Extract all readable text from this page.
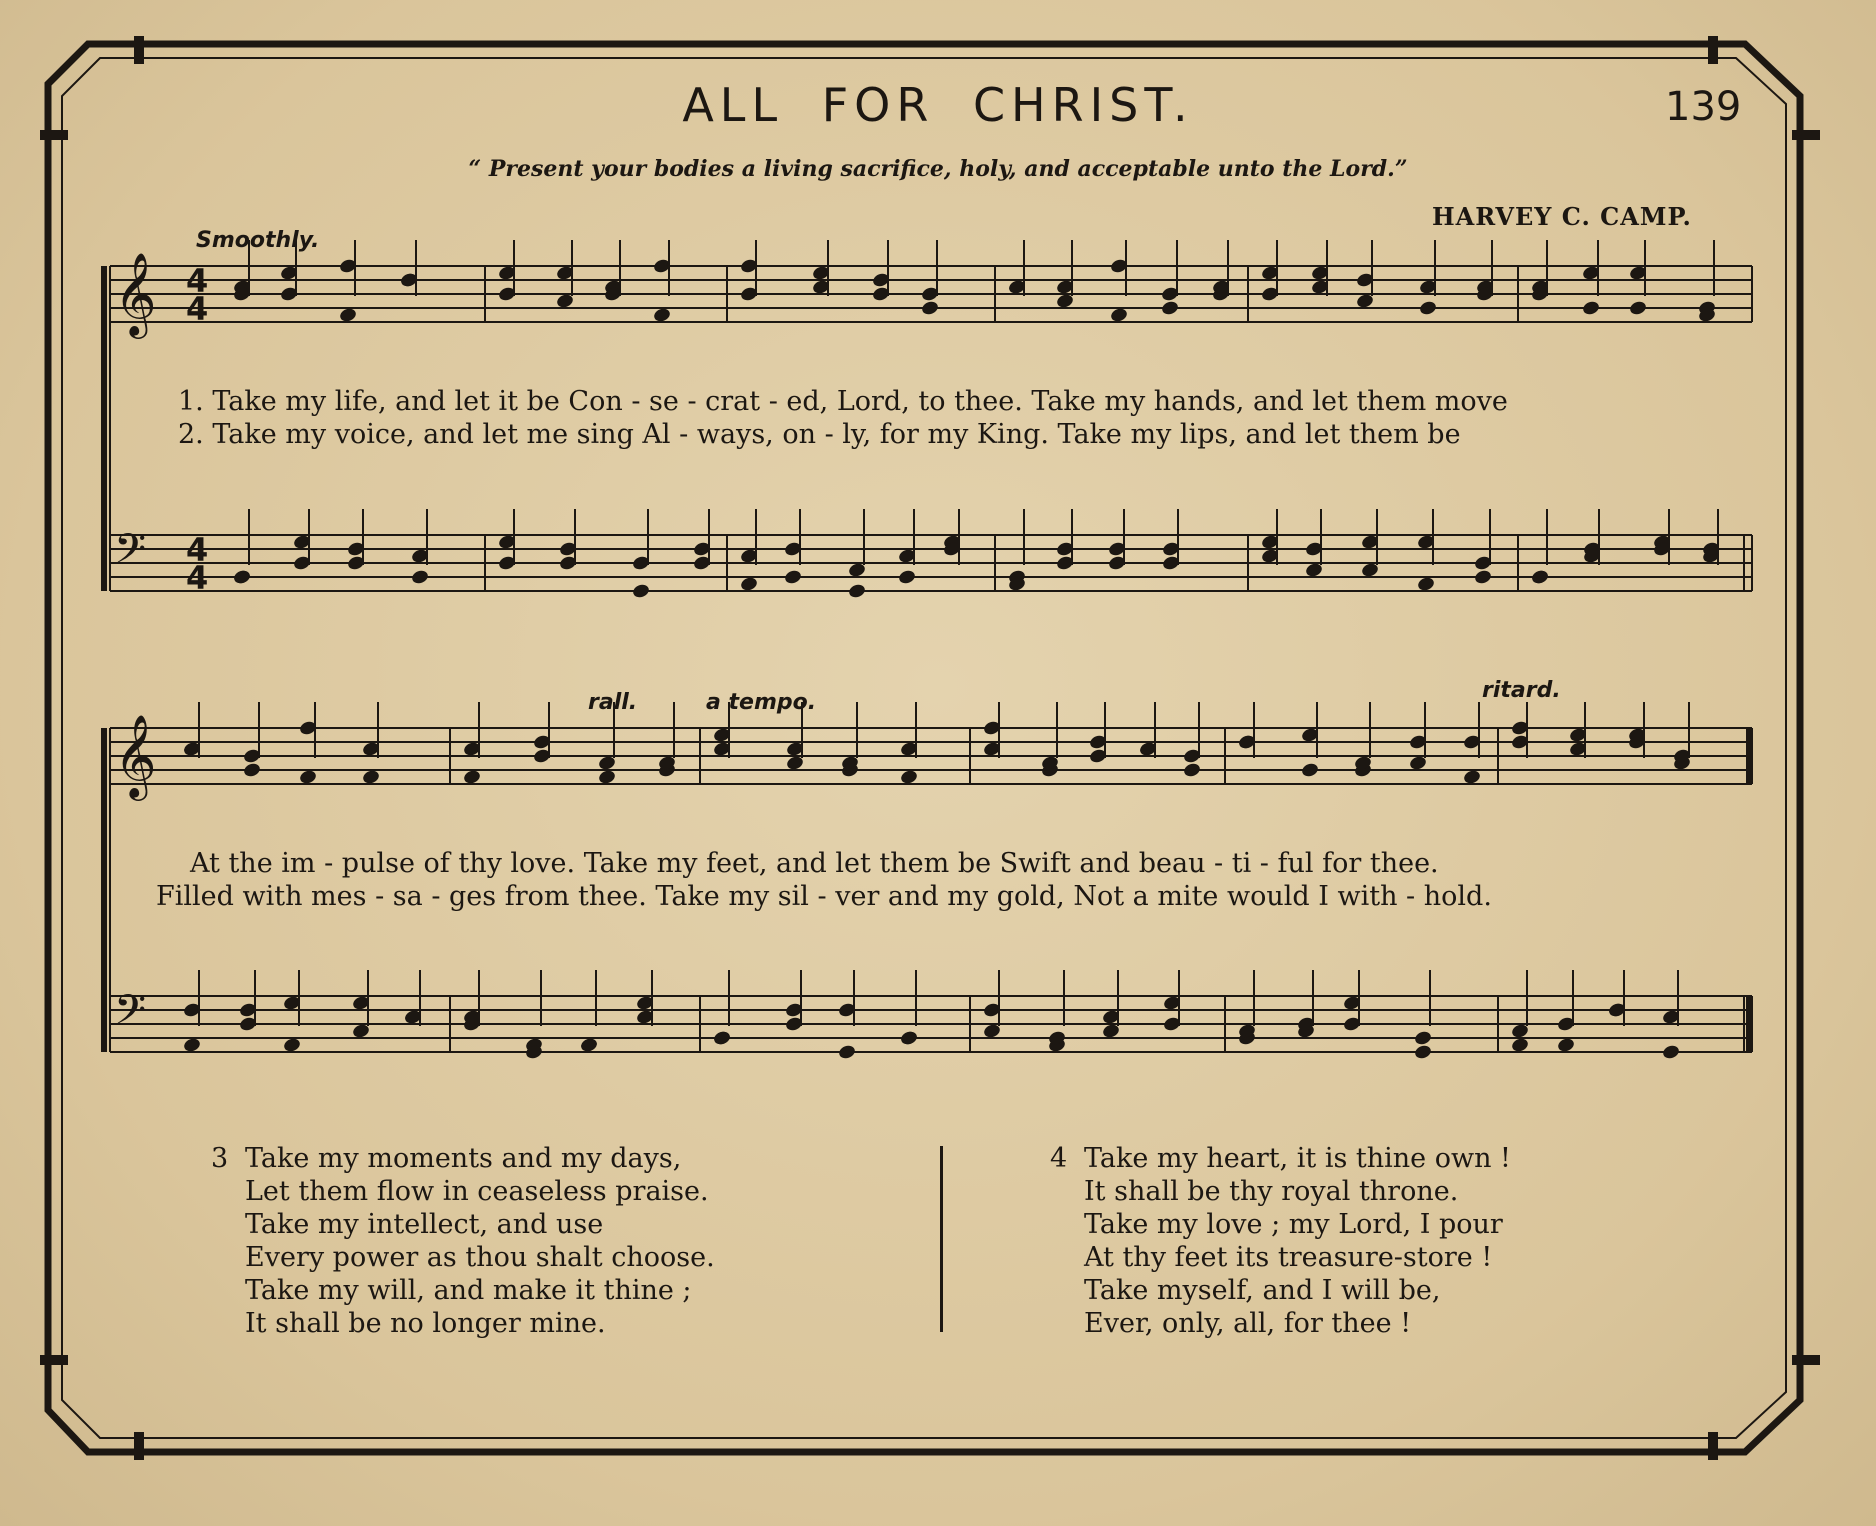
ALL FOR CHRIST.	139
“ Present your bodies a living sacrifice, holy, and acceptable unto the Lord.”
HARVEY C. CAMP.
Smoothly.
rall.	a tempo.	ritard.
𝄞 4
4
𝄢 4
4
𝄞
𝄢
1. Take my life, and let it be Con - se - crat - ed, Lord, to thee. Take my hands, and let them move
2. Take my voice, and let me sing Al - ways, on - ly, for my King. Take my lips, and let them be
At the im - pulse of thy love. Take my feet, and let them be Swift and beau - ti - ful for thee.
Filled with mes - sa - ges from thee. Take my sil - ver and my gold, Not a mite would I with - hold.
3 Take my moments and my days,
Let them flow in ceaseless praise.
Take my intellect, and use
Every power as thou shalt choose.
Take my will, and make it thine ;
It shall be no longer mine.
4 Take my heart, it is thine own !
It shall be thy royal throne.
Take my love ; my Lord, I pour
At thy feet its treasure-store !
Take myself, and I will be,
Ever, only, all, for thee !
